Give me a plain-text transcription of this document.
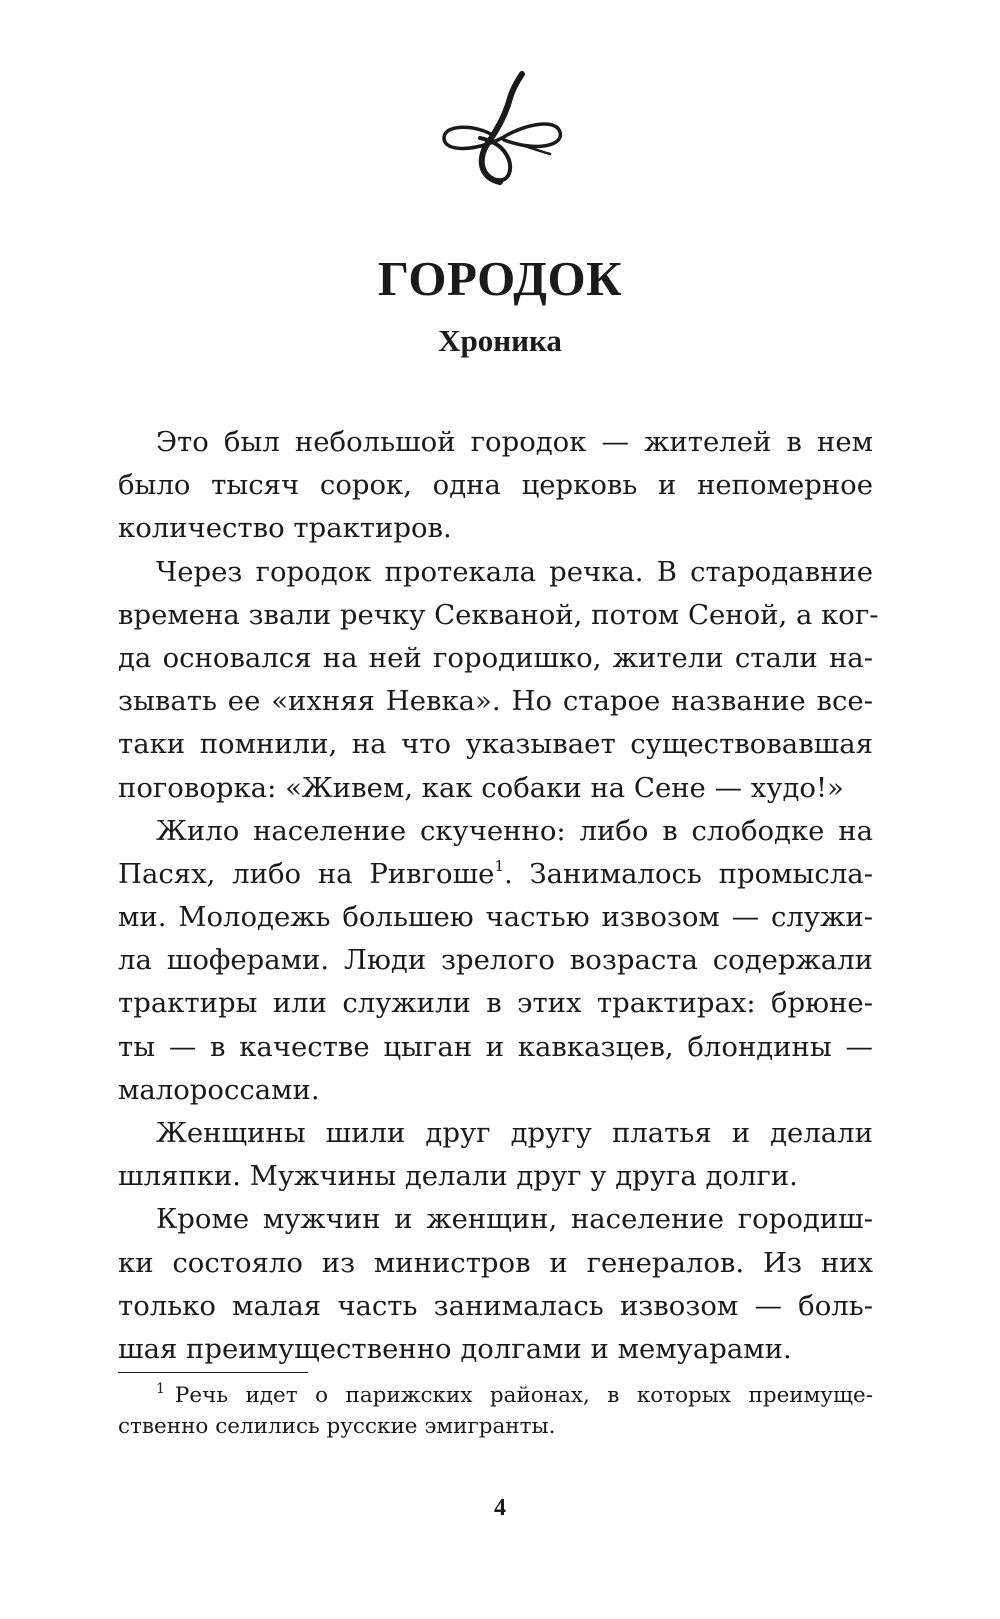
ГОРОДОК
Хроника
Это был небольшой городок — жителей в нем
было тысяч сорок, одна церковь и непомерное
количество трактиров.
Через городок протекала речка. В стародавние
времена звали речку Секваной, потом Сеной, а ког-
да основался на ней городишко, жители стали на-
зывать ее «ихняя Невка». Но старое название все-
таки помнили, на что указывает существовавшая
поговорка: «Живем, как собаки на Сене — худо!»
Жило население скученно: либо в слободке на
Пасях, либо на Ривгоше$^1$. Занималось промысла-
ми. Молодежь большею частью извозом — служи-
ла шоферами. Люди зрелого возраста содержали
трактиры или служили в этих трактирах: брюне-
ты — в качестве цыган и кавказцев, блондины —
малороссами.
Женщины шили друг другу платья и делали
шляпки. Мужчины делали друг у друга долги.
Кроме мужчин и женщин, население городиш-
ки состояло из министров и генералов. Из них
только малая часть занималась извозом — боль-
шая преимущественно долгами и мемуарами.
$^1$ Речь идет о парижских районах, в которых преимуще-
ственно селились русские эмигранты.
4
